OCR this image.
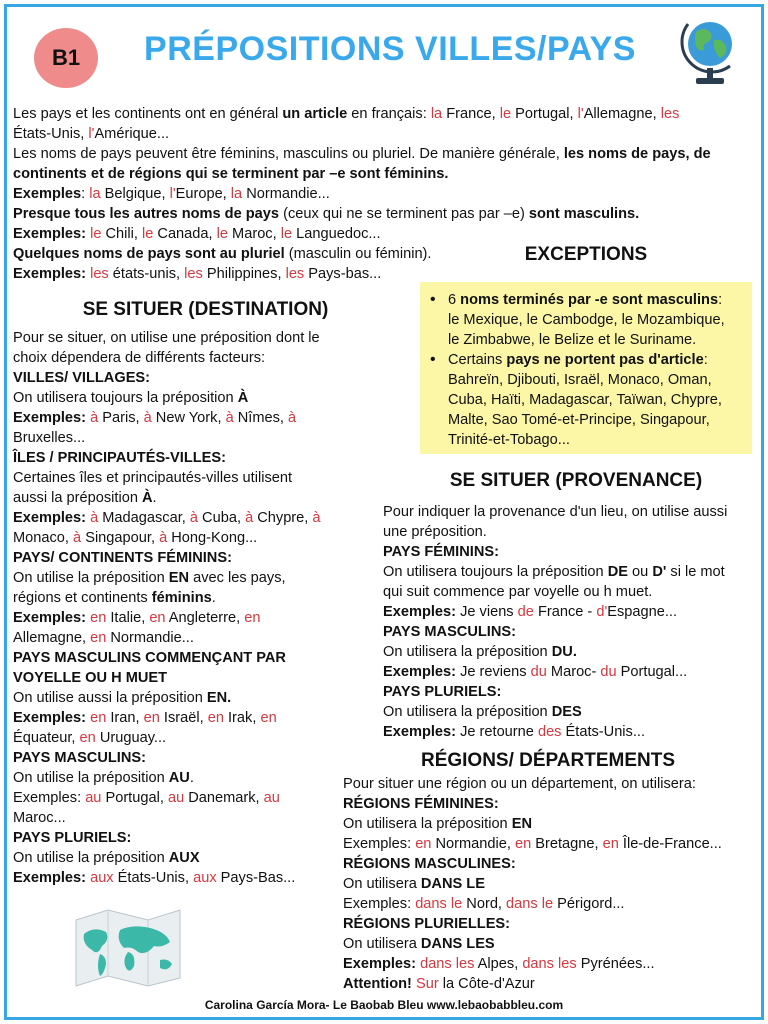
B1	PRÉPOSITIONS VILLES/PAYS
Les pays et les continents ont en général un article en français: la France, le Portugal, l'Allemagne, les
États-Unis, l'Amérique...
Les noms de pays peuvent être féminins, masculins ou pluriel. De manière générale, les noms de pays, de
continents et de régions qui se terminent par –e sont féminins.
Exemples: la Belgique, l'Europe, la Normandie...
Presque tous les autres noms de pays (ceux qui ne se terminent pas par –e) sont masculins.
Exemples: le Chili, le Canada, le Maroc, le Languedoc...
Quelques noms de pays sont au pluriel (masculin ou féminin).
Exemples: les états-unis, les Philippines, les Pays-bas...
EXCEPTIONS
• 6 noms terminés par -e sont masculins:
le Mexique, le Cambodge, le Mozambique,
le Zimbabwe, le Belize et le Suriname.
• Certains pays ne portent pas d'article:
Bahreïn, Djibouti, Israël, Monaco, Oman,
Cuba, Haïti, Madagascar, Taïwan, Chypre,
Malte, Sao Tomé-et-Principe, Singapour,
Trinité-et-Tobago...
SE SITUER (DESTINATION)
Pour se situer, on utilise une préposition dont le
choix dépendera de différents facteurs:
VILLES/ VILLAGES:
On utilisera toujours la préposition À
Exemples: à Paris, à New York, à Nîmes, à
Bruxelles...
ÎLES / PRINCIPAUTÉS-VILLES:
Certaines îles et principautés-villes utilisent
aussi la préposition À.
Exemples: à Madagascar, à Cuba, à Chypre, à
Monaco, à Singapour, à Hong-Kong...
PAYS/ CONTINENTS FÉMININS:
On utilise la préposition EN avec les pays,
régions et continents féminins.
Exemples: en Italie, en Angleterre, en
Allemagne, en Normandie...
PAYS MASCULINS COMMENÇANT PAR
VOYELLE OU H MUET
On utilise aussi la préposition EN.
Exemples: en Iran, en Israël, en Irak, en
Équateur, en Uruguay...
PAYS MASCULINS:
On utilise la préposition AU.
Exemples: au Portugal, au Danemark, au
Maroc...
PAYS PLURIELS:
On utilise la préposition AUX
Exemples: aux États-Unis, aux Pays-Bas...
SE SITUER (PROVENANCE)
Pour indiquer la provenance d'un lieu, on utilise aussi
une préposition.
PAYS FÉMININS:
On utilisera toujours la préposition DE ou D' si le mot
qui suit commence par voyelle ou h muet.
Exemples: Je viens de France - d'Espagne...
PAYS MASCULINS:
On utilisera la préposition DU.
Exemples: Je reviens du Maroc- du Portugal...
PAYS PLURIELS:
On utilisera la préposition DES
Exemples: Je retourne des États-Unis...
RÉGIONS/ DÉPARTEMENTS
Pour situer une région ou un département, on utilisera:
RÉGIONS FÉMININES:
On utilisera la préposition EN
Exemples: en Normandie, en Bretagne, en Île-de-France...
RÉGIONS MASCULINES:
On utilisera DANS LE
Exemples: dans le Nord, dans le Périgord...
RÉGIONS PLURIELLES:
On utilisera DANS LES
Exemples: dans les Alpes, dans les Pyrénées...
Attention! Sur la Côte-d'Azur
Carolina García Mora- Le Baobab Bleu www.lebaobabbleu.com
